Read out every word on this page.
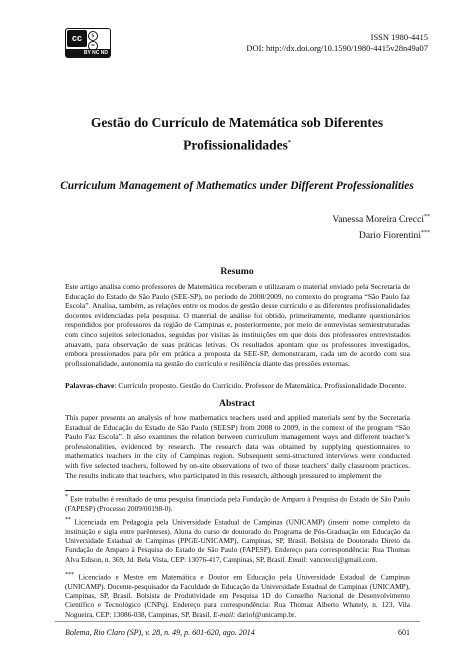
cc	$=
BY NC ND
ISSN 1980-4415
DOI: http://dx.doi.org/10.1590/1980-4415v28n49a07
Gestão do Currículo de Matemática sob Diferentes Profissionalidades*
Curriculum Management of Mathematics under Different Professionalities
Vanessa Moreira Crecci**
Dario Fiorentini***
Resumo
Este artigo analisa como professores de Matemática receberam e utilizaram o material enviado pela Secretaria de Educação do Estado de São Paulo (SEE-SP), no período de 2008/2009, no contexto do programa “São Paulo faz Escola”. Analisa, também, as relações entre os modos de gestão desse currículo e as diferentes profissionalidades docentes evidenciadas pela pesquisa. O material de análise foi obtido, primeiramente, mediante questionários respondidos por professores da região de Campinas e, posteriormente, por meio de entrevistas semiestruturadas com cinco sujeitos selecionados, seguidas por visitas às instituições em que dois dos professores entrevistados atuavam, para observação de suas práticas letivas. Os resultados apontam que os professores investigados, embora pressionados para pôr em prática a proposta da SEE-SP, demonstraram, cada um de acordo com sua profissionalidade, autonomia na gestão do currículo e resiliência diante das pressões externas.
Palavras-chave: Currículo proposto. Gestão do Currículo. Professor de Matemática. Profissionalidade Docente.
Abstract
This paper presents an analysis of how mathematics teachers used and applied materials sent by the Secretaria Estadual de Educação do Estado de São Paulo (SEESP) from 2008 to 2009, in the context of the program “São Paulo Faz Escola”. It also examines the relation between curriculum management ways and different teacher’s professionalities, evidenced by research. The research data was obtained by supplying questionnaires to mathematics teachers in the city of Campinas region. Subsequent semi-structured interviews were conducted with five selected teachers, followed by on-site observations of two of those teachers’ daily classroom practices. The results indicate that teachers, who participated in this research, although pressured to implement the
* Este trabalho é resultado de uma pesquisa financiada pela Fundação de Amparo à Pesquisa do Estado de São Paulo (FAPESP) (Processo 2009/00198-0).
** Licenciada em Pedagogia pela Universidade Estadual de Campinas (UNICAMP) (inserir nome completo da instituição e sigla entre parênteses). Aluna do curso de doutorado do Programa de Pós-Graduação em Educação da Universidade Estadual de Campinas (PPGE-UNICAMP), Campinas, SP, Brasil. Bolsista de Doutorado Direto da Fundação de Amparo à Pesquisa do Estado de São Paulo (FAPESP). Endereço para correspondência: Rua Thomas Alva Edison, n. 369, Jd. Bela Vista, CEP: 13076-417, Campinas, SP, Brasil. Email: vancrecci@gmail.com.
*** Licenciado e Mestre em Matemática e Doutor em Educação pela Universidade Estadual de Campinas (UNICAMP). Docente-pesquisador da Faculdade de Educação da Universidade Estadual de Campinas (UNICAMP), Campinas, SP, Brasil. Bolsista de Produtividade em Pesquisa 1D do Conselho Nacional de Desenvolvimento Científico e Tecnológico (CNPq). Endereço para correspondência: Rua Thomaz Alberto Whately, n. 123, Vila Nogueira, CEP: 13086-038, Campinas, SP, Brasil. E-mail: dariof@unicamp.br.
Bolema, Rio Claro (SP), v. 28, n. 49, p. 601-620, ago. 2014	601
